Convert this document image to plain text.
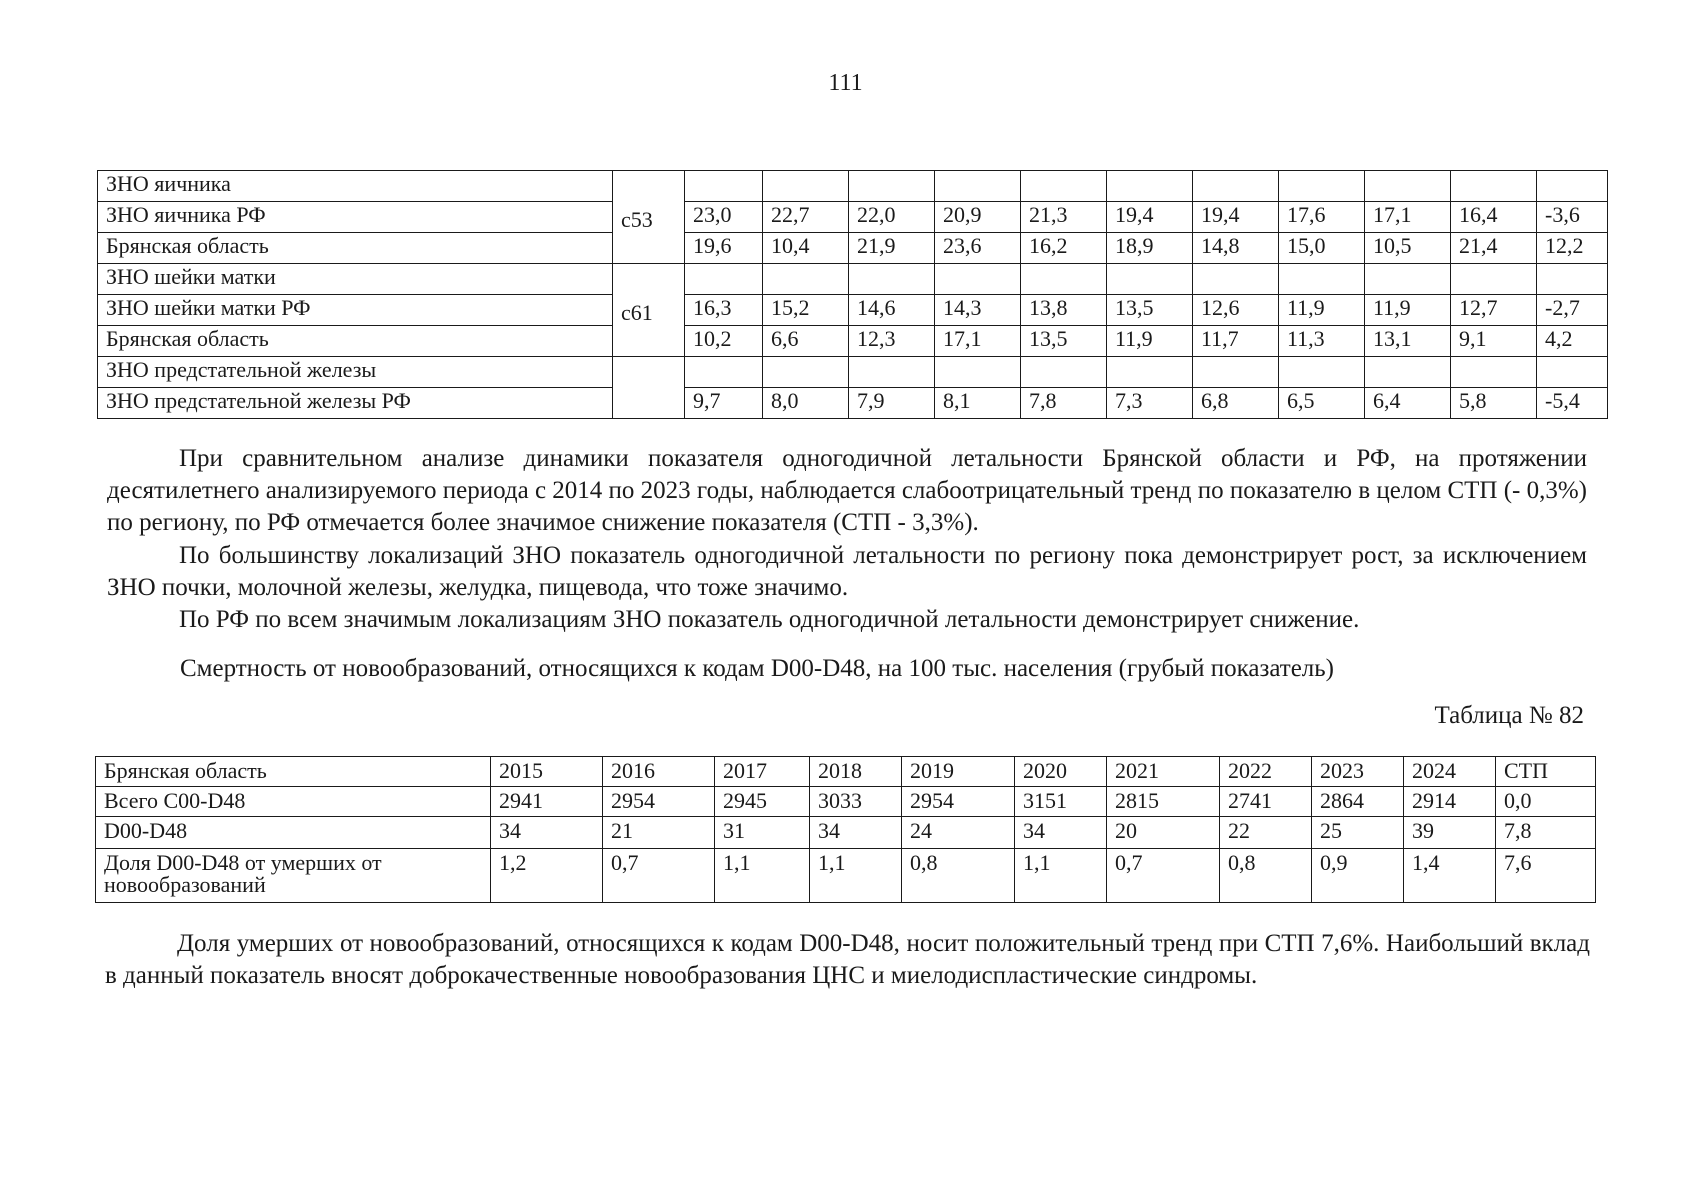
111
ЗНО яичника	c53											
ЗНО яичника РФ		23,0	22,7	22,0	20,9	21,3	19,4	19,4	17,6	17,1	16,4	-3,6
Брянская область		19,6	10,4	21,9	23,6	16,2	18,9	14,8	15,0	10,5	21,4	12,2
ЗНО шейки матки	c61											
ЗНО шейки матки РФ		16,3	15,2	14,6	14,3	13,8	13,5	12,6	11,9	11,9	12,7	-2,7
Брянская область		10,2	6,6	12,3	17,1	13,5	11,9	11,7	11,3	13,1	9,1	4,2
ЗНО предстательной железы												
ЗНО предстательной железы РФ		9,7	8,0	7,9	8,1	7,8	7,3	6,8	6,5	6,4	5,8	-5,4
При сравнительном анализе динамики показателя одногодичной летальности Брянской области и РФ, на протяжении десятилетнего анализируемого периода с 2014 по 2023 годы, наблюдается слабоотрицательный тренд по показателю в целом СТП (- 0,3%) по региону, по РФ отмечается более значимое снижение показателя (СТП - 3,3%).
По большинству локализаций ЗНО показатель одногодичной летальности по региону пока демонстрирует рост, за исключением ЗНО почки, молочной железы, желудка, пищевода, что тоже значимо.
По РФ по всем значимым локализациям ЗНО показатель одногодичной летальности демонстрирует снижение.
Смертность от новообразований, относящихся к кодам D00-D48, на 100 тыс. населения (грубый показатель)
Таблица № 82
Брянская область	2015	2016	2017	2018	2019	2020	2021	2022	2023	2024	СТП
Всего C00-D48	2941	2954	2945	3033	2954	3151	2815	2741	2864	2914	0,0
D00-D48	34	21	31	34	24	34	20	22	25	39	7,8
Доля D00-D48 от умерших от новообразований	1,2	0,7	1,1	1,1	0,8	1,1	0,7	0,8	0,9	1,4	7,6
Доля умерших от новообразований, относящихся к кодам D00-D48, носит положительный тренд при СТП 7,6%. Наибольший вклад в данный показатель вносят доброкачественные новообразования ЦНС и миелодиспластические синдромы.
